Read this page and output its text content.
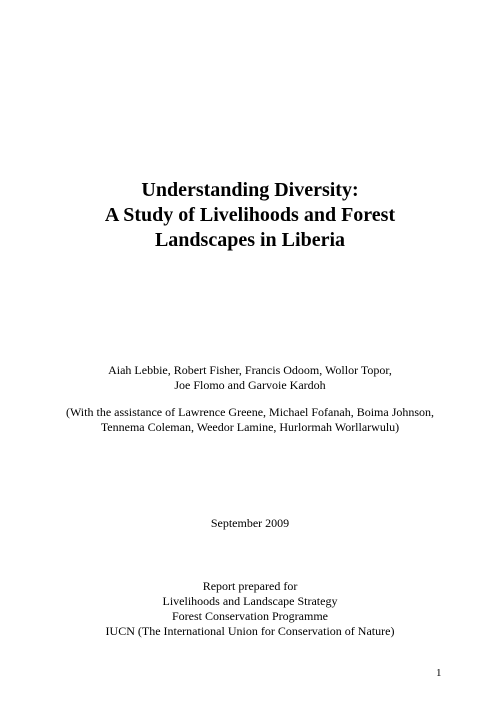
Understanding Diversity:
A Study of Livelihoods and Forest
Landscapes in Liberia
Aiah Lebbie, Robert Fisher, Francis Odoom, Wollor Topor,
Joe Flomo and Garvoie Kardoh
(With the assistance of Lawrence Greene, Michael Fofanah, Boima Johnson,
Tennema Coleman, Weedor Lamine, Hurlormah Worllarwulu)
September 2009
Report prepared for
Livelihoods and Landscape Strategy
Forest Conservation Programme
IUCN (The International Union for Conservation of Nature)
1
